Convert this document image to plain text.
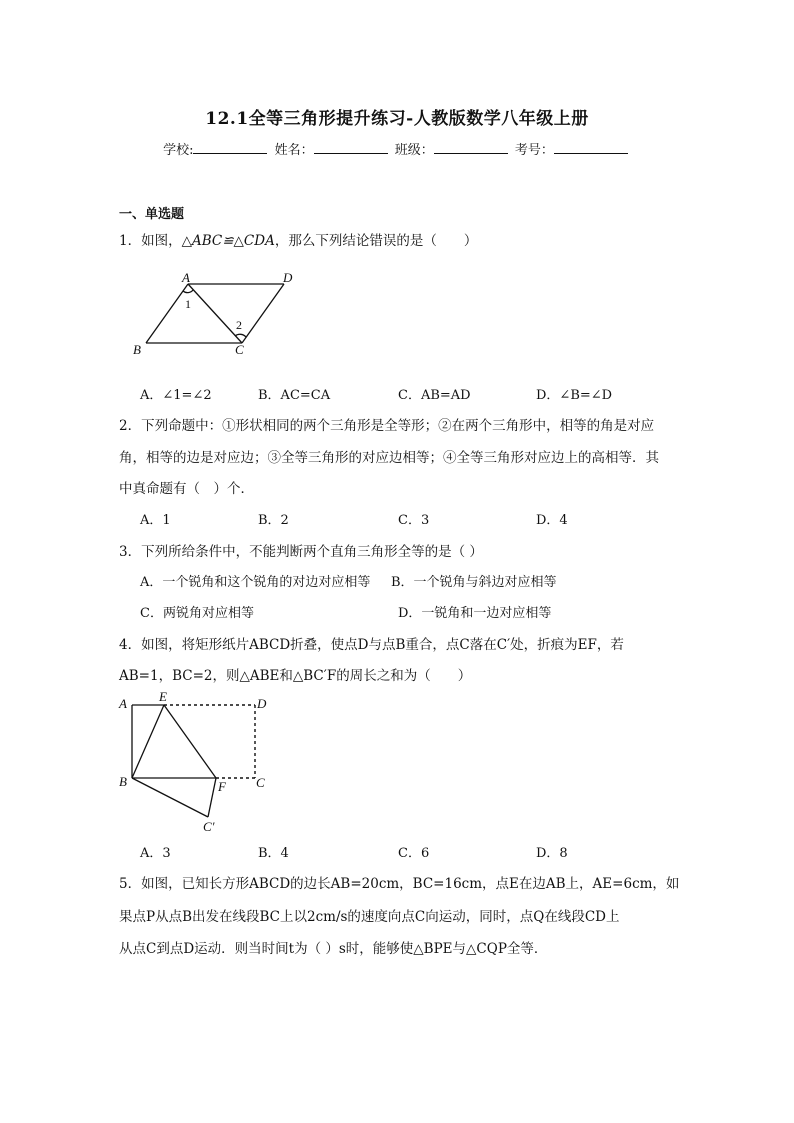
12.1全等三角形提升练习-人教版数学八年级上册
学校:	姓名：	班级：	考号：
一、单选题
1．如图，△ABC≌△CDA，那么下列结论错误的是（　　）
A	D
B	C
1
2
A．∠1=∠2	B．AC=CA	C．AB=AD	D．∠B=∠D
2．下列命题中：①形状相同的两个三角形是全等形；②在两个三角形中，相等的角是对应
角，相等的边是对应边；③全等三角形的对应边相等；④全等三角形对应边上的高相等．其
中真命题有（　）个．
A．1	B．2	C．3	D．4
3．下列所给条件中，不能判断两个直角三角形全等的是（ ）
A．一个锐角和这个锐角的对边对应相等 B．一个锐角与斜边对应相等
C．两锐角对应相等	D．一锐角和一边对应相等
4．如图，将矩形纸片ABCD折叠，使点D与点B重合，点C落在C′处，折痕为EF，若
AB=1，BC=2，则△ABE和△BC′F的周长之和为（　　）
A E	D
B	F C
C′
A．3	B．4	C．6	D．8
5．如图，已知长方形ABCD的边长AB=20cm，BC=16cm，点E在边AB上，AE=6cm，如
果点P从点B出发在线段BC上以2cm/s的速度向点C向运动，同时，点Q在线段CD上
从点C到点D运动．则当时间t为（ ）s时，能够使△BPE与△CQP全等．
